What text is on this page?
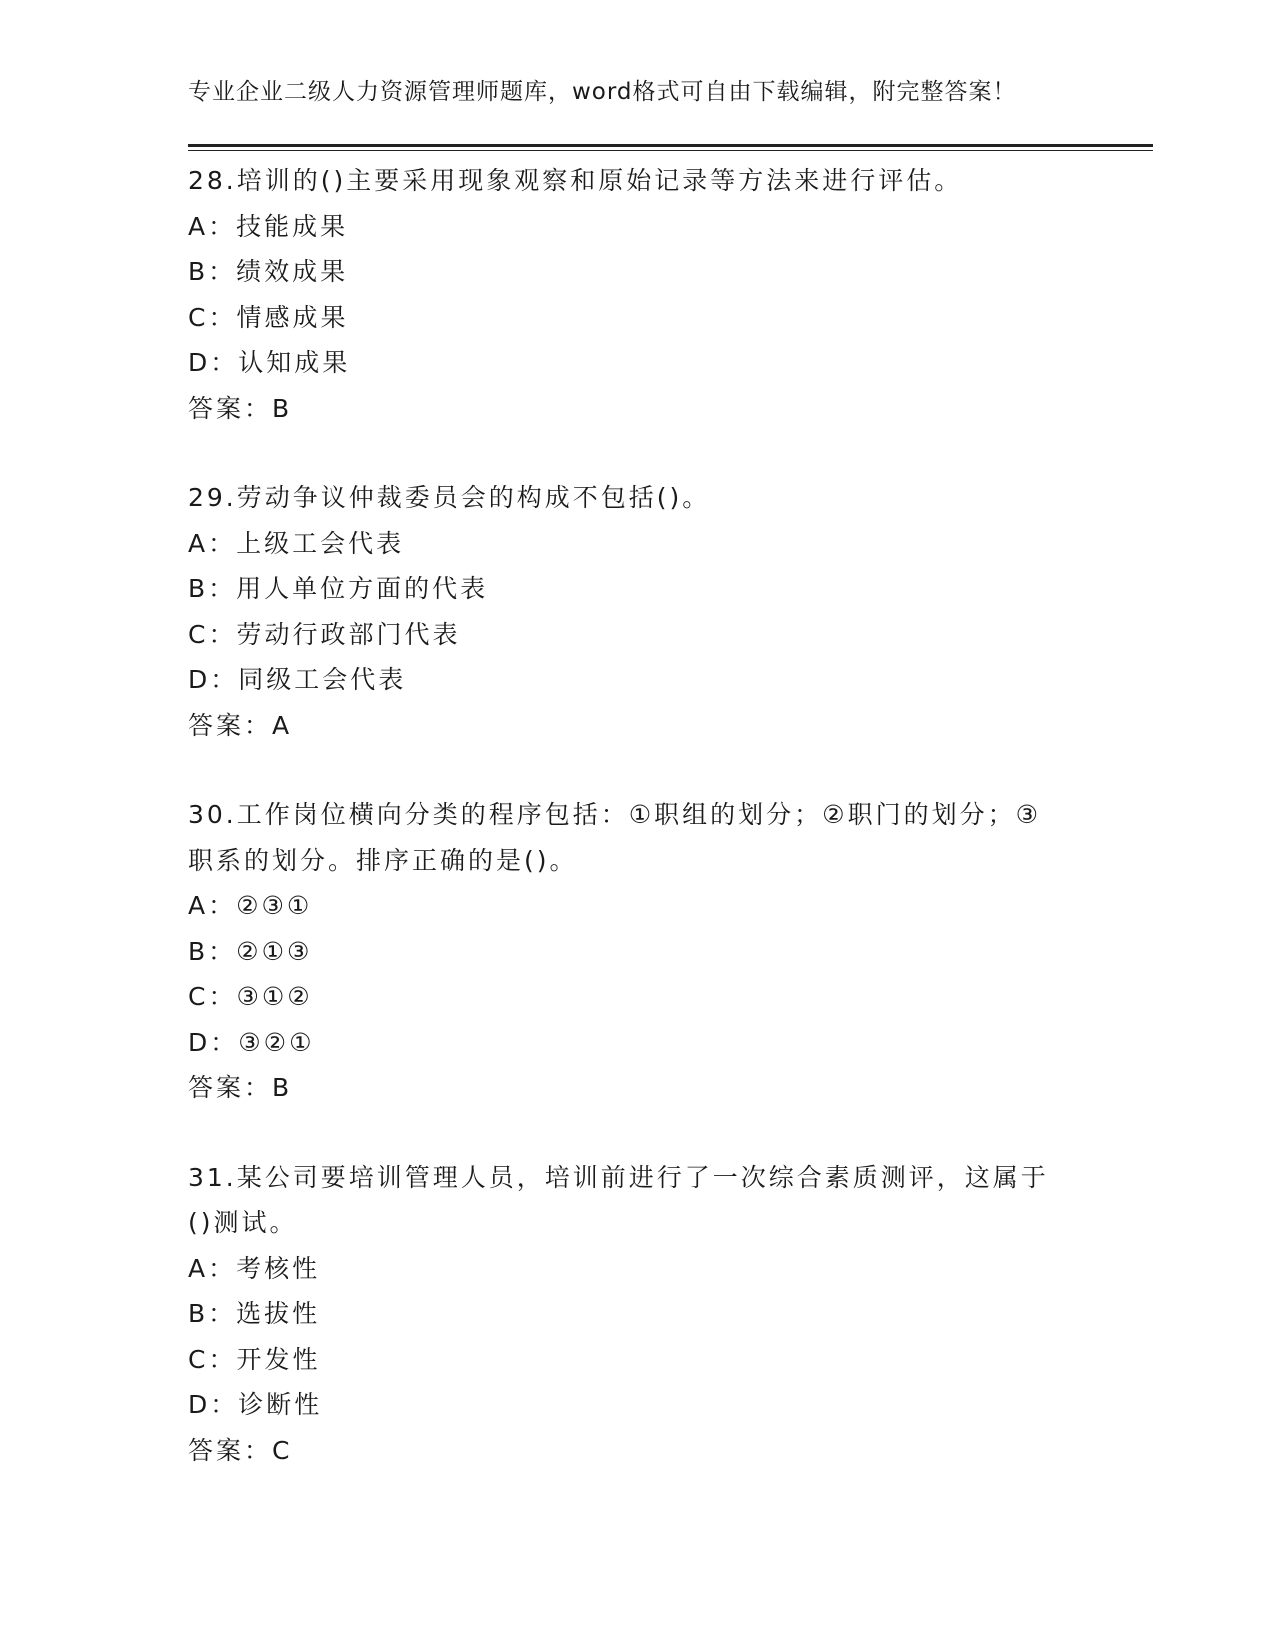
专业企业二级人力资源管理师题库，word格式可自由下载编辑，附完整答案！

28.培训的()主要采用现象观察和原始记录等方法来进行评估。

A：技能成果

B：绩效成果

C：情感成果

D：认知成果

答案：B

29.劳动争议仲裁委员会的构成不包括()。

A：上级工会代表

B：用人单位方面的代表

C：劳动行政部门代表

D：同级工会代表

答案：A

30.工作岗位横向分类的程序包括：①职组的划分；②职门的划分；③

职系的划分。排序正确的是()。

A：②③①

B：②①③

C：③①②

D：③②①

答案：B

31.某公司要培训管理人员，培训前进行了一次综合素质测评，这属于

()测试。

A：考核性

B：选拔性

C：开发性

D：诊断性

答案：C
